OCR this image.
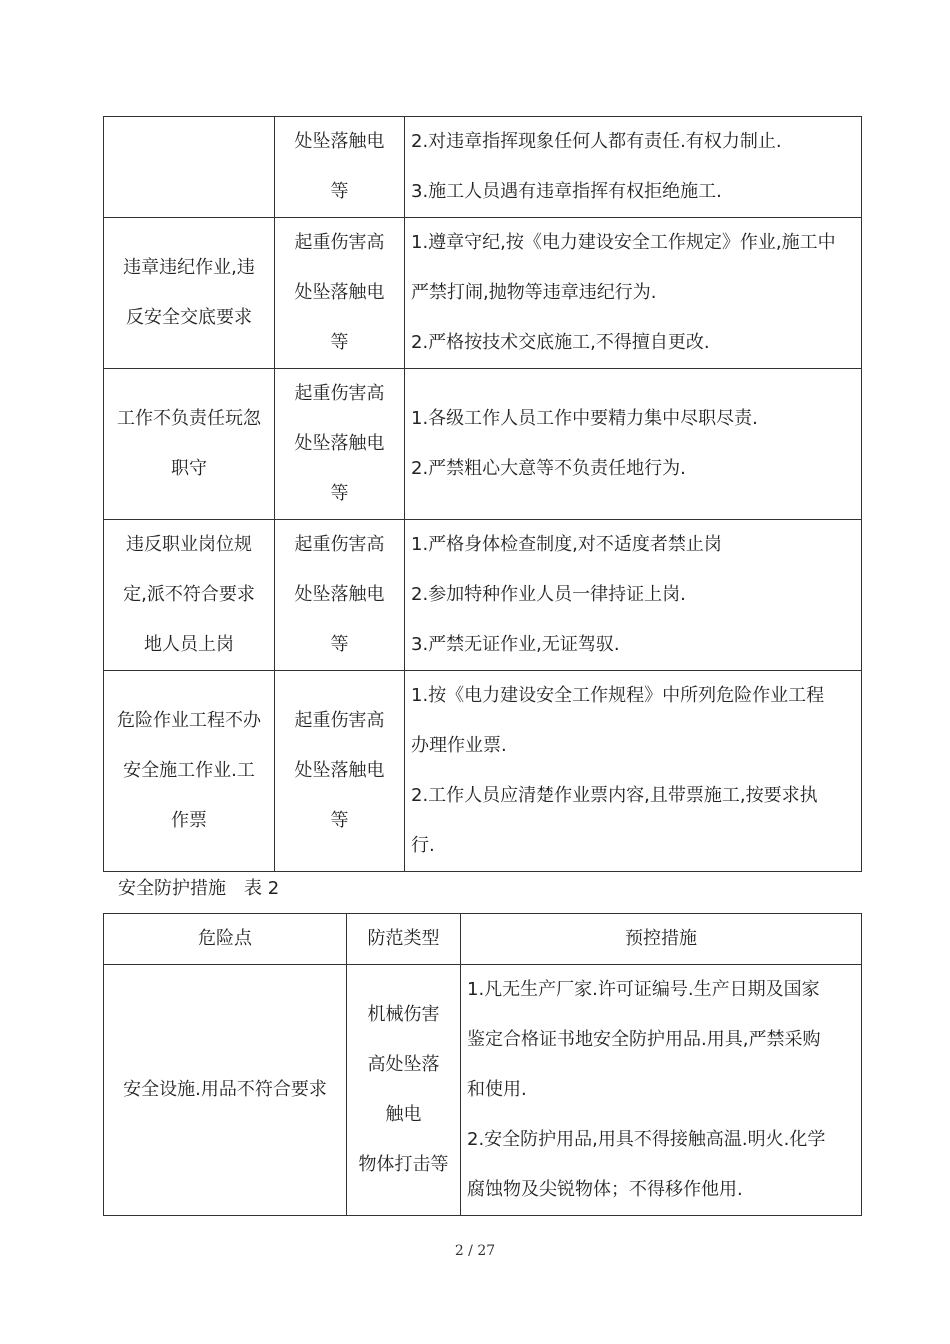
	处坠落触电
等	2.对违章指挥现象任何人都有责任.有权力制止.
3.施工人员遇有违章指挥有权拒绝施工.

违章违纪作业,违
反安全交底要求	起重伤害高
处坠落触电
等	1.遵章守纪,按《电力建设安全工作规定》作业,施工中
严禁打闹,抛物等违章违纪行为.
2.严格按技术交底施工,不得擅自更改.

工作不负责任玩忽
职守	起重伤害高
处坠落触电
等	1.各级工作人员工作中要精力集中尽职尽责.
2.严禁粗心大意等不负责任地行为.

违反职业岗位规
定,派不符合要求
地人员上岗	起重伤害高
处坠落触电
等	1.严格身体检查制度,对不适度者禁止岗
2.参加特种作业人员一律持证上岗.
3.严禁无证作业,无证驾驭.

危险作业工程不办
安全施工作业.工
作票	起重伤害高
处坠落触电
等	1.按《电力建设安全工作规程》中所列危险作业工程
办理作业票.
2.工作人员应清楚作业票内容,且带票施工,按要求执
行.
安全防护措施　表 2
危险点	防范类型	预控措施

安全设施.用品不符合要求	机械伤害
高处坠落
触电
物体打击等	1.凡无生产厂家.许可证编号.生产日期及国家
鉴定合格证书地安全防护用品.用具,严禁采购
和使用.
2.安全防护用品,用具不得接触高温.明火.化学
腐蚀物及尖锐物体；不得移作他用.
2 / 27
